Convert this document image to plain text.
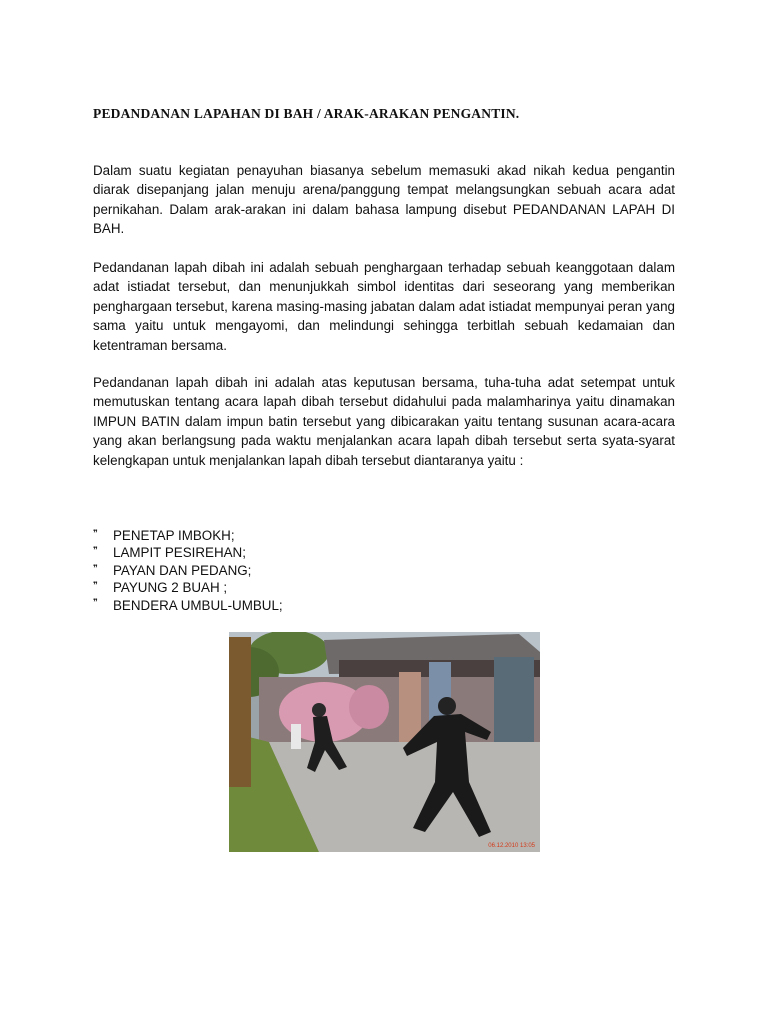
PEDANDANAN LAPAHAN DI BAH / ARAK-ARAKAN PENGANTIN.

Dalam suatu kegiatan penayuhan biasanya sebelum memasuki akad nikah kedua pengantin diarak disepanjang jalan menuju arena/panggung tempat melangsungkan sebuah acara adat pernikahan. Dalam arak-arakan ini dalam bahasa lampung disebut PEDANDANAN LAPAH DI BAH.

Pedandanan lapah dibah ini adalah sebuah penghargaan terhadap sebuah keanggotaan dalam adat istiadat tersebut, dan menunjukkah simbol identitas dari seseorang yang memberikan penghargaan tersebut, karena masing-masing jabatan dalam adat istiadat mempunyai peran yang sama yaitu untuk mengayomi, dan melindungi sehingga terbitlah sebuah kedamaian dan ketentraman bersama.

Pedandanan lapah dibah ini adalah atas keputusan bersama, tuha-tuha adat setempat untuk memutuskan tentang acara lapah dibah tersebut didahului pada malamharinya yaitu dinamakan IMPUN BATIN dalam impun batin tersebut yang dibicarakan yaitu tentang susunan acara-acara yang akan berlangsung pada waktu menjalankan acara lapah dibah tersebut serta syata-syarat kelengkapan untuk menjalankan lapah dibah tersebut diantaranya yaitu :

❞	PENETAP IMBOKH;
❞	LAMPIT PESIREHAN;
❞	PAYAN DAN PEDANG;
❞	PAYUNG 2 BUAH ;
❞	BENDERA UMBUL-UMBUL;
06.12.2010 13:05
